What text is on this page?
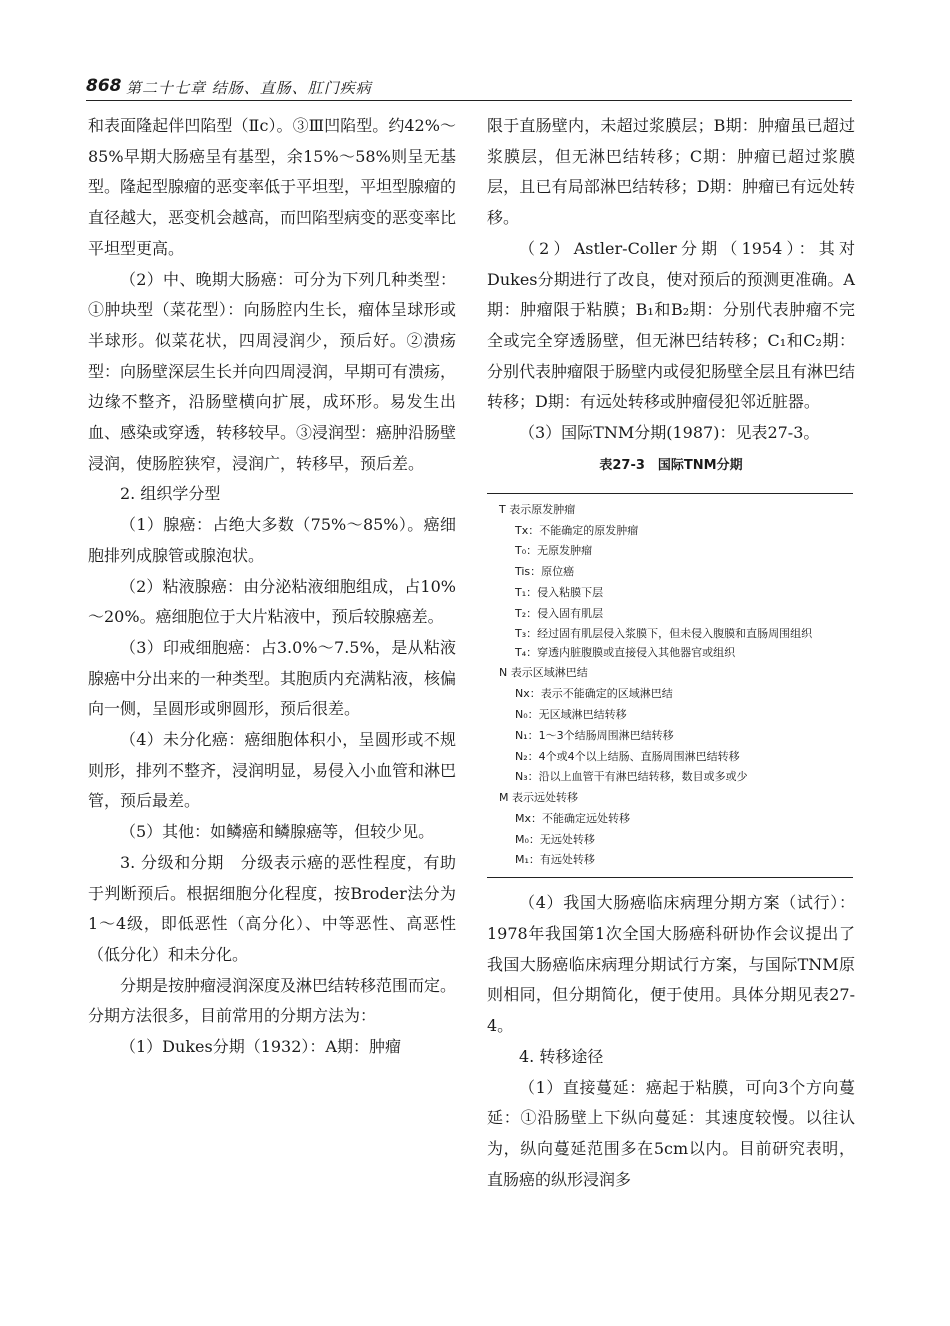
868 第二十七章 结肠、直肠、肛门疾病

和表面隆起伴凹陷型（Ⅱc）。③Ⅲ凹陷型。约42%～85%早期大肠癌呈有基型，余15%～58%则呈无基型。隆起型腺瘤的恶变率低于平坦型，平坦型腺瘤的直径越大，恶变机会越高，而凹陷型病变的恶变率比平坦型更高。

（2）中、晚期大肠癌：可分为下列几种类型：①肿块型（菜花型）：向肠腔内生长，瘤体呈球形或半球形。似菜花状，四周浸润少，预后好。②溃疡型：向肠壁深层生长并向四周浸润，早期可有溃疡，边缘不整齐，沿肠壁横向扩展，成环形。易发生出血、感染或穿透，转移较早。③浸润型：癌肿沿肠壁浸润，使肠腔狭窄，浸润广，转移早，预后差。

2. 组织学分型

（1）腺癌：占绝大多数（75%～85%）。癌细胞排列成腺管或腺泡状。

（2）粘液腺癌：由分泌粘液细胞组成，占10%～20%。癌细胞位于大片粘液中，预后较腺癌差。

（3）印戒细胞癌：占3.0%～7.5%，是从粘液腺癌中分出来的一种类型。其胞质内充满粘液，核偏向一侧，呈圆形或卵圆形，预后很差。

（4）未分化癌：癌细胞体积小，呈圆形或不规则形，排列不整齐，浸润明显，易侵入小血管和淋巴管，预后最差。

（5）其他：如鳞癌和鳞腺癌等，但较少见。

3. 分级和分期　分级表示癌的恶性程度，有助于判断预后。根据细胞分化程度，按Broder法分为1～4级，即低恶性（高分化）、中等恶性、高恶性（低分化）和未分化。

分期是按肿瘤浸润深度及淋巴结转移范围而定。分期方法很多，目前常用的分期方法为：

（1）Dukes分期（1932）：A期：肿瘤

限于直肠壁内，未超过浆膜层；B期：肿瘤虽已超过浆膜层，但无淋巴结转移；C期：肿瘤已超过浆膜层，且已有局部淋巴结转移；D期：肿瘤已有远处转移。

（2）Astler-Coller分期（1954）：其对Dukes分期进行了改良，使对预后的预测更准确。A期：肿瘤限于粘膜；B₁和B₂期：分别代表肿瘤不完全或完全穿透肠壁，但无淋巴结转移；C₁和C₂期：分别代表肿瘤限于肠壁内或侵犯肠壁全层且有淋巴结转移；D期：有远处转移或肿瘤侵犯邻近脏器。

（3）国际TNM分期(1987)：见表27-3。

表27-3　国际TNM分期
T 表示原发肿瘤
Tx：不能确定的原发肿瘤
T₀：无原发肿瘤
Tis：原位癌
T₁：侵入粘膜下层
T₂：侵入固有肌层
T₃：经过固有肌层侵入浆膜下，但未侵入腹膜和直肠周围组织
T₄：穿透内脏腹膜或直接侵入其他器官或组织
N 表示区域淋巴结
Nx：表示不能确定的区域淋巴结
N₀：无区域淋巴结转移
N₁：1～3个结肠周围淋巴结转移
N₂：4个或4个以上结肠、直肠周围淋巴结转移
N₃：沿以上血管干有淋巴结转移，数目或多或少
M 表示远处转移
Mx：不能确定远处转移
M₀：无远处转移
M₁：有远处转移

（4）我国大肠癌临床病理分期方案（试行）：1978年我国第1次全国大肠癌科研协作会议提出了我国大肠癌临床病理分期试行方案，与国际TNM原则相同，但分期简化，便于使用。具体分期见表27-4。

4. 转移途径

（1）直接蔓延：癌起于粘膜，可向3个方向蔓延：①沿肠壁上下纵向蔓延：其速度较慢。以往认为，纵向蔓延范围多在5cm以内。目前研究表明，直肠癌的纵形浸润多
